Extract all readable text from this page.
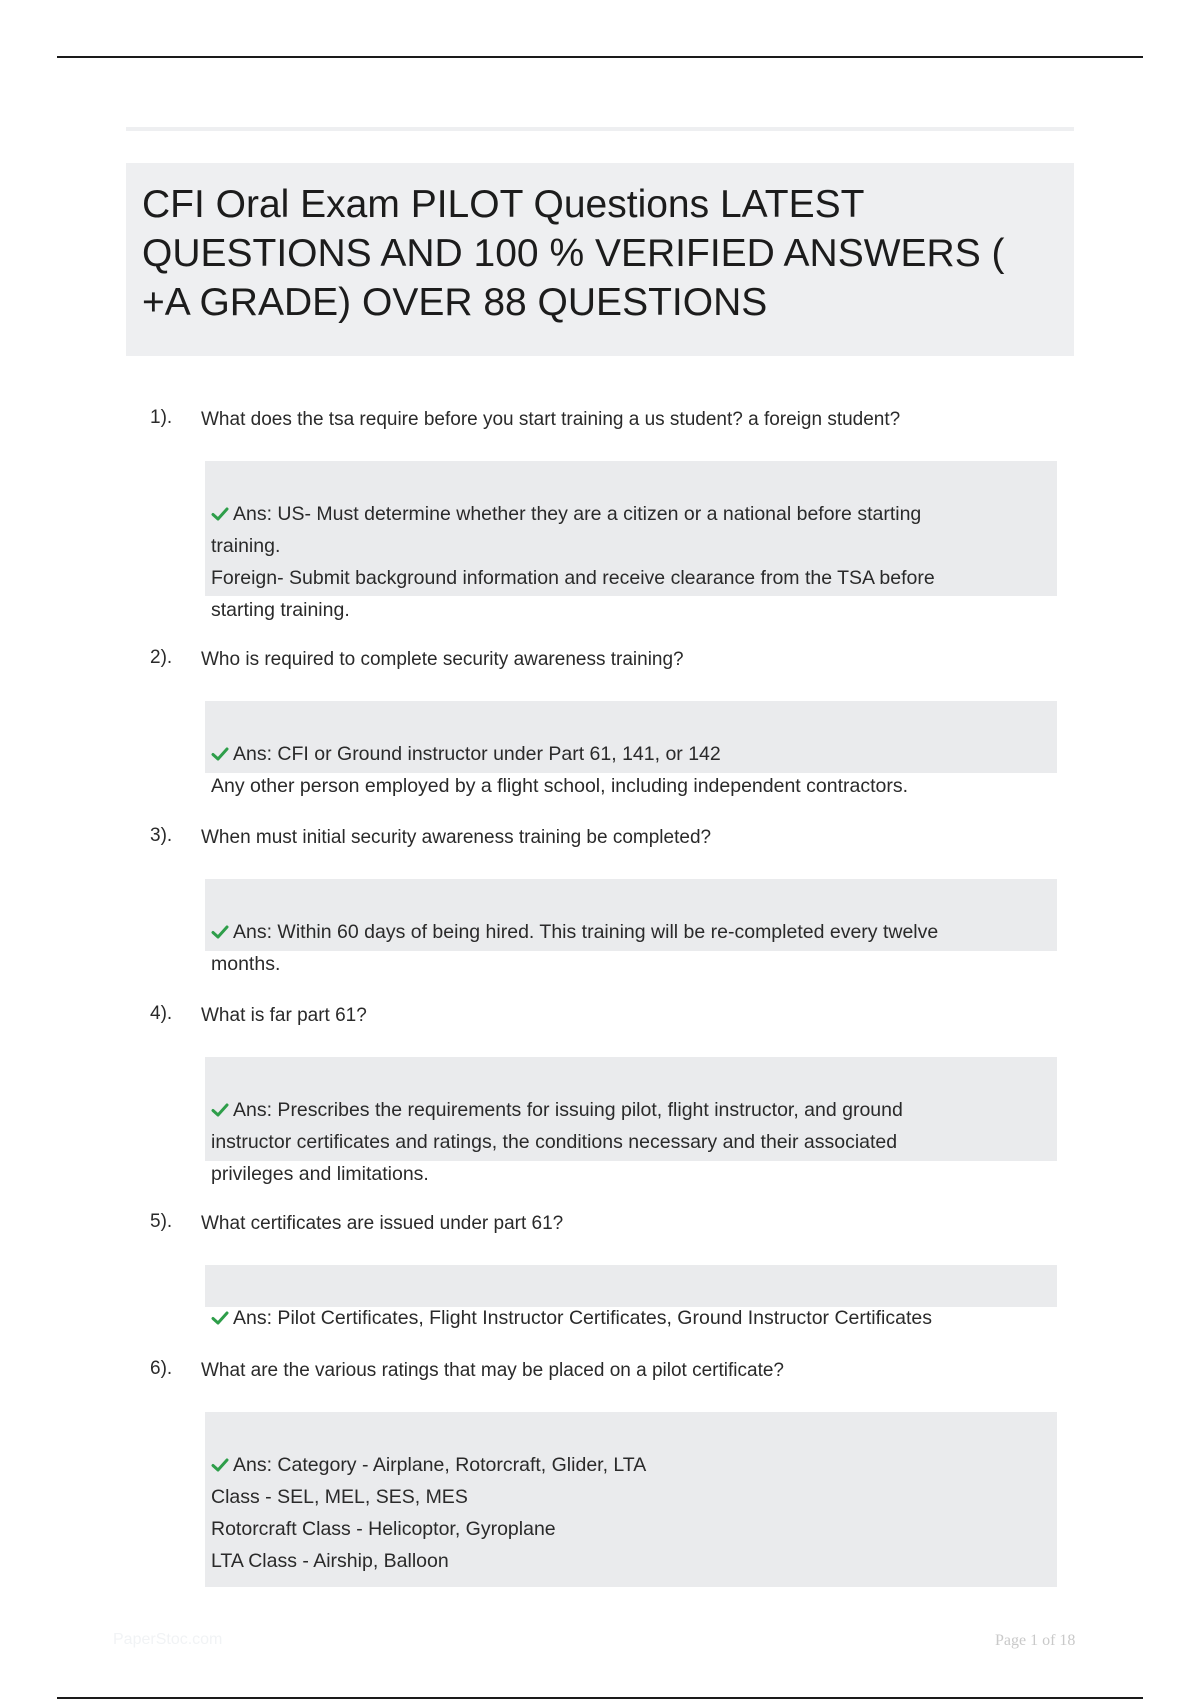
CFI Oral Exam PILOT Questions LATEST
QUESTIONS AND 100 % VERIFIED ANSWERS (
+A GRADE) OVER 88 QUESTIONS
1). What does the tsa require before you start training a us student? a foreign student?

Ans: US- Must determine whether they are a citizen or a national before starting
training.
Foreign- Submit background information and receive clearance from the TSA before
starting training.

2). Who is required to complete security awareness training?

Ans: CFI or Ground instructor under Part 61, 141, or 142
Any other person employed by a flight school, including independent contractors.

3). When must initial security awareness training be completed?

Ans: Within 60 days of being hired. This training will be re-completed every twelve
months.

4). What is far part 61?

Ans: Prescribes the requirements for issuing pilot, flight instructor, and ground
instructor certificates and ratings, the conditions necessary and their associated
privileges and limitations.

5). What certificates are issued under part 61?

Ans: Pilot Certificates, Flight Instructor Certificates, Ground Instructor Certificates

6). What are the various ratings that may be placed on a pilot certificate?

Ans: Category - Airplane, Rotorcraft, Glider, LTA
Class - SEL, MEL, SES, MES
Rotorcraft Class - Helicoptor, Gyroplane
LTA Class - Airship, Balloon

PaperStoc.com	Page 1 of 18
